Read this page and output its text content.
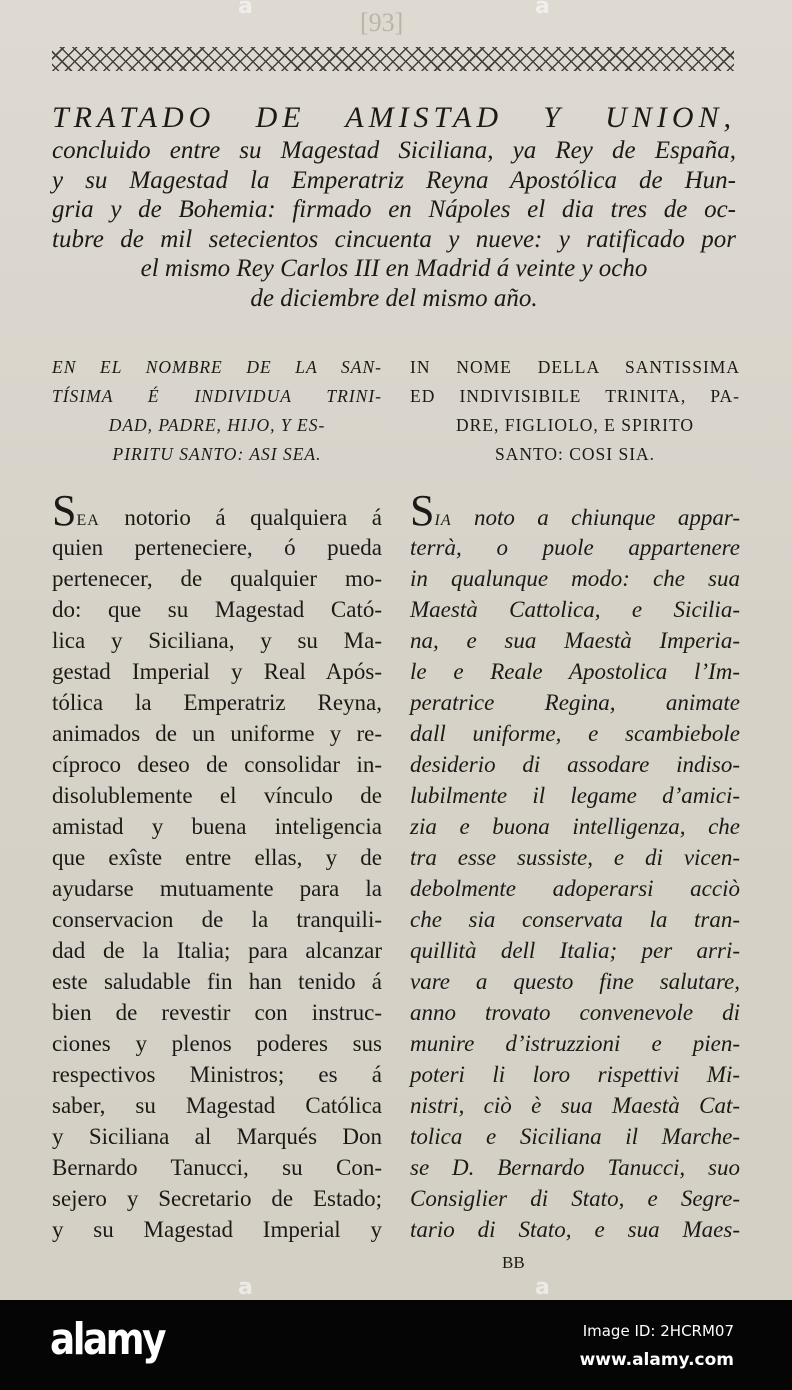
[93]
TRATADO DE AMISTAD Y UNION,
concluido entre su Magestad Siciliana, ya Rey de España,
y su Magestad la Emperatriz Reyna Apostólica de Hun-
gria y de Bohemia: firmado en Nápoles el dia tres de oc-
tubre de mil setecientos cincuenta y nueve: y ratificado por
el mismo Rey Carlos III en Madrid á veinte y ocho
de diciembre del mismo año.
EN EL NOMBRE DE LA SAN-
TÍSIMA É INDIVIDUA TRINI-
DAD, PADRE, HIJO, Y ES-
PIRITU SANTO: ASI SEA.
IN NOME DELLA SANTISSIMA
ED INDIVISIBILE TRINITA, PA-
DRE, FIGLIOLO, E SPIRITO
SANTO: COSI SIA.
SEA notorio á qualquiera á
quien perteneciere, ó pueda
pertenecer, de qualquier mo-
do: que su Magestad Cató-
lica y Siciliana, y su Ma-
gestad Imperial y Real Após-
tólica la Emperatriz Reyna,
animados de un uniforme y re-
cíproco deseo de consolidar in-
disolublemente el vínculo de
amistad y buena inteligencia
que exîste entre ellas, y de
ayudarse mutuamente para la
conservacion de la tranquili-
dad de la Italia; para alcanzar
este saludable fin han tenido á
bien de revestir con instruc-
ciones y plenos poderes sus
respectivos Ministros; es á
saber, su Magestad Católica
y Siciliana al Marqués Don
Bernardo Tanucci, su Con-
sejero y Secretario de Estado;
y su Magestad Imperial y
SIA noto a chiunque appar-
terrà, o puole appartenere
in qualunque modo: che sua
Maestà Cattolica, e Sicilia-
na, e sua Maestà Imperia-
le e Reale Apostolica l’Im-
peratrice Regina, animate
dall uniforme, e scambiebole
desiderio di assodare indiso-
lubilmente il legame d’amici-
zia e buona intelligenza, che
tra esse sussiste, e di vicen-
debolmente adoperarsi acciò
che sia conservata la tran-
quillità dell Italia; per arri-
vare a questo fine salutare,
anno trovato convenevole di
munire d’istruzzioni e pien-
poteri li loro rispettivi Mi-
nistri, ciò è sua Maestà Cat-
tolica e Siciliana il Marche-
se D. Bernardo Tanucci, suo
Consiglier di Stato, e Segre-
tario di Stato, e sua Maes-
BB
a	a
a	a
alamy	Image ID: 2HCRM07
www.alamy.com
